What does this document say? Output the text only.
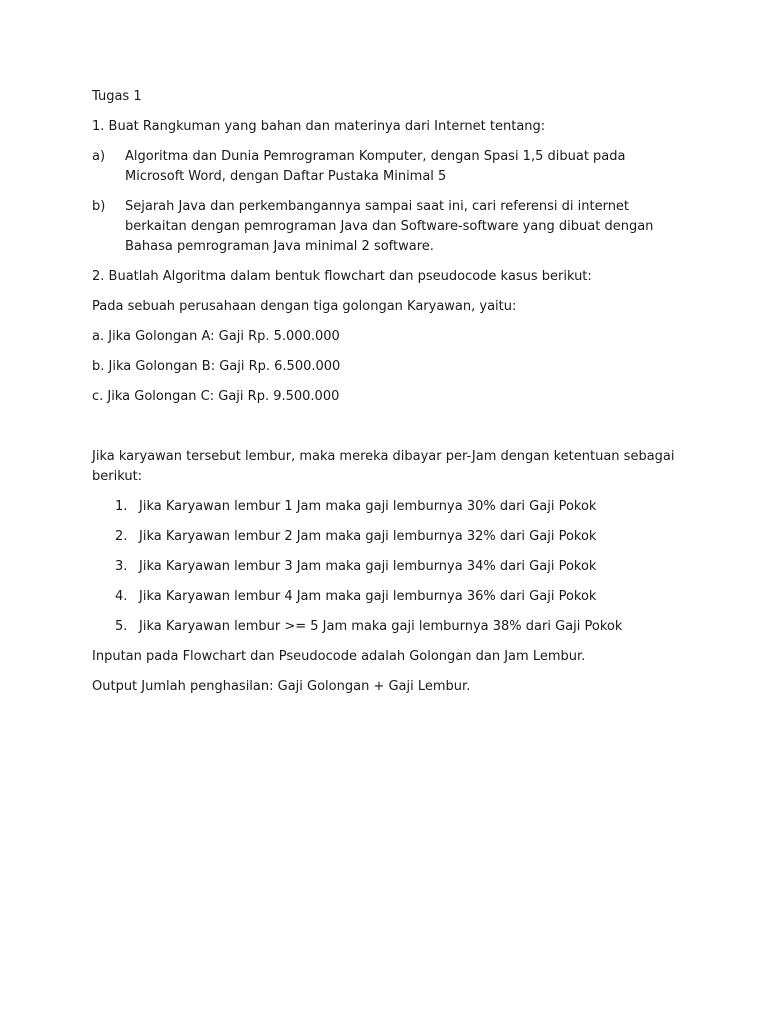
Tugas 1

1. Buat Rangkuman yang bahan dan materinya dari Internet tentang:

a)	Algoritma dan Dunia Pemrograman Komputer, dengan Spasi 1,5 dibuat pada Microsoft Word, dengan Daftar Pustaka Minimal 5

b)	Sejarah Java dan perkembangannya sampai saat ini, cari referensi di internet berkaitan dengan pemrograman Java dan Software-software yang dibuat dengan Bahasa pemrograman Java minimal 2 software.

2. Buatlah Algoritma dalam bentuk flowchart dan pseudocode kasus berikut:

Pada sebuah perusahaan dengan tiga golongan Karyawan, yaitu:

a. Jika Golongan A: Gaji Rp. 5.000.000

b. Jika Golongan B: Gaji Rp. 6.500.000

c. Jika Golongan C: Gaji Rp. 9.500.000

Jika karyawan tersebut lembur, maka mereka dibayar per-Jam dengan ketentuan sebagai berikut:

1. Jika Karyawan lembur 1 Jam maka gaji lemburnya 30% dari Gaji Pokok
2. Jika Karyawan lembur 2 Jam maka gaji lemburnya 32% dari Gaji Pokok
3. Jika Karyawan lembur 3 Jam maka gaji lemburnya 34% dari Gaji Pokok
4. Jika Karyawan lembur 4 Jam maka gaji lemburnya 36% dari Gaji Pokok
5. Jika Karyawan lembur >= 5 Jam maka gaji lemburnya 38% dari Gaji Pokok

Inputan pada Flowchart dan Pseudocode adalah Golongan dan Jam Lembur.

Output Jumlah penghasilan: Gaji Golongan + Gaji Lembur.
